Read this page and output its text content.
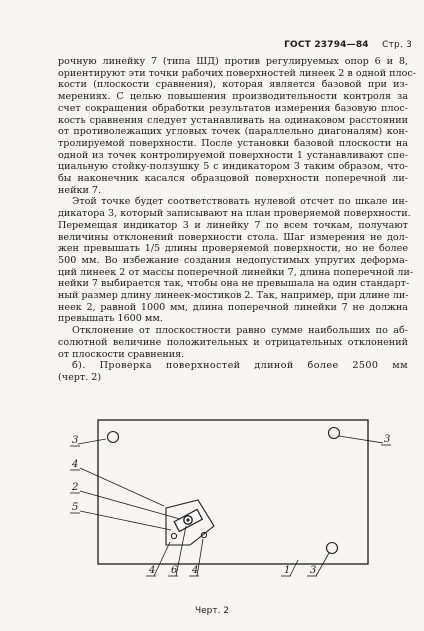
ГОСТ 23794—84 Стр. 3
рочную линейку 7 (типа ШД) против регулируемых опор 6 и 8,
ориентируют эти точки рабочих поверхностей линеек 2 в одной плос-
кости (плоскости сравнения), которая является базовой при из-
мерениях. С целью повышения производительности контроля за
счет сокращения обработки результатов измерения базовую плос-
кость сравнения следует устанавливать на одинаковом расстоянии
от противолежащих угловых точек (параллельно диагоналям) кон-
тролируемой поверхности. После установки базовой плоскости на
одной из точек контролируемой поверхности 1 устанавливают спе-
циальную стойку-ползушку 5 с индикатором 3 таким образом, что-
бы наконечник касался образцовой поверхности поперечной ли-
нейки 7.
Этой точке будет соответствовать нулевой отсчет по шкале ин-
дикатора 3, который записывают на план проверяемой поверхности.
Перемещая индикатор 3 и линейку 7 по всем точкам, получают
величины отклонений поверхности стола. Шаг измерения не дол-
жен превышать 1/5 длины проверяемой поверхности, но не более
500 мм. Во избежание создания недопустимых упругих деформа-
ций линеек 2 от массы поперечной линейки 7, длина поперечной ли-
нейки 7 выбирается так, чтобы она не превышала на один стандарт-
ный размер длину линеек-мостиков 2. Так, например, при длине ли-
неек 2, равной 1000 мм, длина поперечной линейки 7 не должна
превышать 1600 мм.
Отклонение от плоскостности равно сумме наибольших по аб-
солютной величине положительных и отрицательных отклонений
от плоскости сравнения.
б). Проверка поверхностей длиной более 2500 мм
(черт. 2)
3	3
4
2
5
4 6 4	1 3
Черт. 2
